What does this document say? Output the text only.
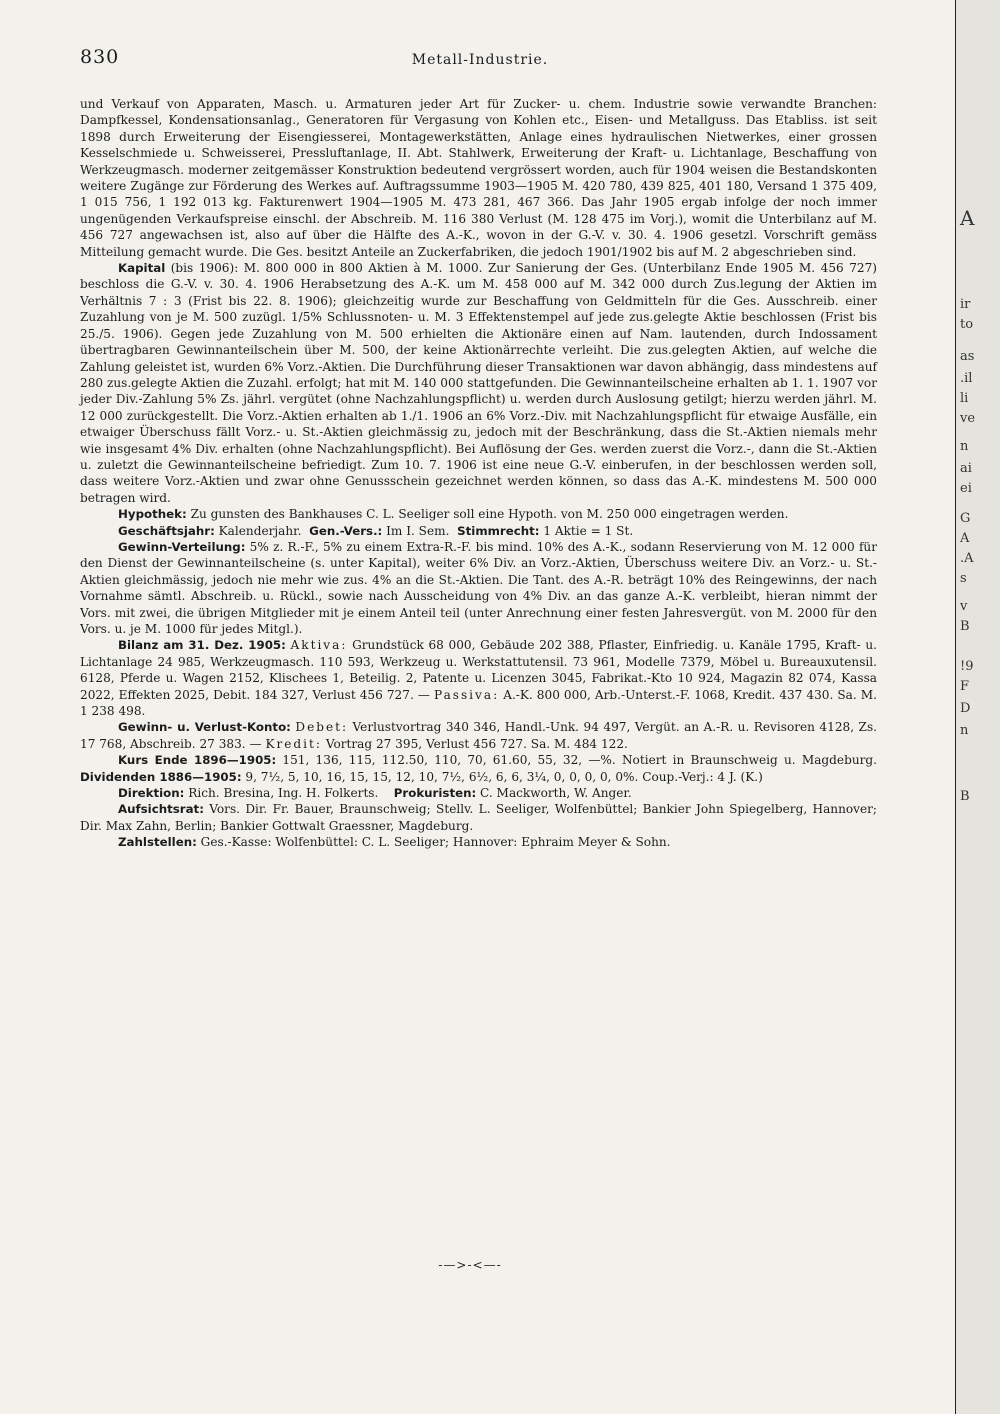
A
ir
to
as
.il
li
ve
n
ai
ei
G
A
.A
s
v
B
!9
F
D
n
B
830	Metall-Industrie.

und Verkauf von Apparaten, Masch. u. Armaturen jeder Art für Zucker- u. chem. Industrie sowie verwandte Branchen: Dampfkessel, Kondensationsanlag., Generatoren für Vergasung von Kohlen etc., Eisen- und Metallguss. Das Etabliss. ist seit 1898 durch Erweiterung der Eisengiesserei, Montagewerkstätten, Anlage eines hydraulischen Nietwerkes, einer grossen Kesselschmiede u. Schweisserei, Pressluftanlage, II. Abt. Stahlwerk, Erweiterung der Kraft- u. Lichtanlage, Beschaffung von Werkzeugmasch. moderner zeitgemässer Konstruktion bedeutend vergrössert worden, auch für 1904 weisen die Bestandskonten weitere Zugänge zur Förderung des Werkes auf. Auftragssumme 1903—1905 M. 420 780, 439 825, 401 180, Versand 1 375 409, 1 015 756, 1 192 013 kg. Fakturenwert 1904—1905 M. 473 281, 467 366. Das Jahr 1905 ergab infolge der noch immer ungenügenden Verkaufspreise einschl. der Abschreib. M. 116 380 Verlust (M. 128 475 im Vorj.), womit die Unterbilanz auf M. 456 727 angewachsen ist, also auf über die Hälfte des A.-K., wovon in der G.-V. v. 30. 4. 1906 gesetzl. Vorschrift gemäss Mitteilung gemacht wurde. Die Ges. besitzt Anteile an Zuckerfabriken, die jedoch 1901/1902 bis auf M. 2 abgeschrieben sind.

Kapital (bis 1906): M. 800 000 in 800 Aktien à M. 1000. Zur Sanierung der Ges. (Unterbilanz Ende 1905 M. 456 727) beschloss die G.-V. v. 30. 4. 1906 Herabsetzung des A.-K. um M. 458 000 auf M. 342 000 durch Zus.legung der Aktien im Verhältnis 7 : 3 (Frist bis 22. 8. 1906); gleichzeitig wurde zur Beschaffung von Geldmitteln für die Ges. Ausschreib. einer Zuzahlung von je M. 500 zuzügl. 1/5% Schlussnoten- u. M. 3 Effektenstempel auf jede zus.gelegte Aktie beschlossen (Frist bis 25./5. 1906). Gegen jede Zuzahlung von M. 500 erhielten die Aktionäre einen auf Nam. lautenden, durch Indossament übertragbaren Gewinnanteilschein über M. 500, der keine Aktionärrechte verleiht. Die zus.gelegten Aktien, auf welche die Zahlung geleistet ist, wurden 6% Vorz.-Aktien. Die Durchführung dieser Transaktionen war davon abhängig, dass mindestens auf 280 zus.gelegte Aktien die Zuzahl. erfolgt; hat mit M. 140 000 stattgefunden. Die Gewinnanteilscheine erhalten ab 1. 1. 1907 vor jeder Div.-Zahlung 5% Zs. jährl. vergütet (ohne Nachzahlungspflicht) u. werden durch Auslosung getilgt; hierzu werden jährl. M. 12 000 zurückgestellt. Die Vorz.-Aktien erhalten ab 1./1. 1906 an 6% Vorz.-Div. mit Nachzahlungspflicht für etwaige Ausfälle, ein etwaiger Überschuss fällt Vorz.- u. St.-Aktien gleichmässig zu, jedoch mit der Beschränkung, dass die St.-Aktien niemals mehr wie insgesamt 4% Div. erhalten (ohne Nachzahlungspflicht). Bei Auflösung der Ges. werden zuerst die Vorz.-, dann die St.-Aktien u. zuletzt die Gewinnanteilscheine befriedigt. Zum 10. 7. 1906 ist eine neue G.-V. einberufen, in der beschlossen werden soll, dass weitere Vorz.-Aktien und zwar ohne Genussschein gezeichnet werden können, so dass das A.-K. mindestens M. 500 000 betragen wird.

Hypothek: Zu gunsten des Bankhauses C. L. Seeliger soll eine Hypoth. von M. 250 000 eingetragen werden.

Geschäftsjahr: Kalenderjahr. Gen.-Vers.: Im I. Sem. Stimmrecht: 1 Aktie = 1 St.

Gewinn-Verteilung: 5% z. R.-F., 5% zu einem Extra-R.-F. bis mind. 10% des A.-K., sodann Reservierung von M. 12 000 für den Dienst der Gewinnanteilscheine (s. unter Kapital), weiter 6% Div. an Vorz.-Aktien, Überschuss weitere Div. an Vorz.- u. St.-Aktien gleichmässig, jedoch nie mehr wie zus. 4% an die St.-Aktien. Die Tant. des A.-R. beträgt 10% des Reingewinns, der nach Vornahme sämtl. Abschreib. u. Rückl., sowie nach Ausscheidung von 4% Div. an das ganze A.-K. verbleibt, hieran nimmt der Vors. mit zwei, die übrigen Mitglieder mit je einem Anteil teil (unter Anrechnung einer festen Jahresvergüt. von M. 2000 für den Vors. u. je M. 1000 für jedes Mitgl.).

Bilanz am 31. Dez. 1905: Aktiva: Grundstück 68 000, Gebäude 202 388, Pflaster, Einfriedig. u. Kanäle 1795, Kraft- u. Lichtanlage 24 985, Werkzeugmasch. 110 593, Werkzeug u. Werkstattutensil. 73 961, Modelle 7379, Möbel u. Bureauxutensil. 6128, Pferde u. Wagen 2152, Klischees 1, Beteilig. 2, Patente u. Licenzen 3045, Fabrikat.-Kto 10 924, Magazin 82 074, Kassa 2022, Effekten 2025, Debit. 184 327, Verlust 456 727. — Passiva: A.-K. 800 000, Arb.-Unterst.-F. 1068, Kredit. 437 430. Sa. M. 1 238 498.

Gewinn- u. Verlust-Konto: Debet: Verlustvortrag 340 346, Handl.-Unk. 94 497, Vergüt. an A.-R. u. Revisoren 4128, Zs. 17 768, Abschreib. 27 383. — Kredit: Vortrag 27 395, Verlust 456 727. Sa. M. 484 122.

Kurs Ende 1896—1905: 151, 136, 115, 112.50, 110, 70, 61.60, 55, 32, —%. Notiert in Braunschweig u. Magdeburg. Dividenden 1886—1905: 9, 7½, 5, 10, 16, 15, 15, 12, 10, 7½, 6½, 6, 6, 3¼, 0, 0, 0, 0, 0%. Coup.-Verj.: 4 J. (K.)

Direktion: Rich. Bresina, Ing. H. Folkerts. Prokuristen: C. Mackworth, W. Anger.

Aufsichtsrat: Vors. Dir. Fr. Bauer, Braunschweig; Stellv. L. Seeliger, Wolfenbüttel; Bankier John Spiegelberg, Hannover; Dir. Max Zahn, Berlin; Bankier Gottwalt Graessner, Magdeburg.

Zahlstellen: Ges.-Kasse: Wolfenbüttel: C. L. Seeliger; Hannover: Ephraim Meyer & Sohn.

-—>-<—-
